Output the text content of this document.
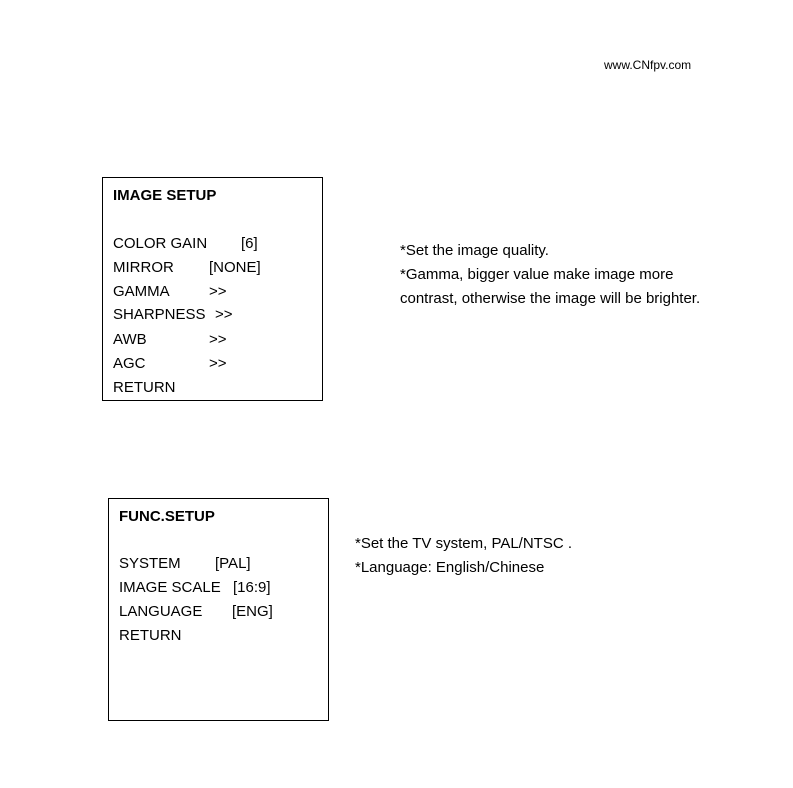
www.CNfpv.com
IMAGE SETUP
COLOR GAIN [6]
MIRROR [NONE]
GAMMA	>>
SHARPNESS >>
AWB	>>
AGC	>>
RETURN
*Set the image quality.
*Gamma, bigger value make image more
contrast, otherwise the image will be brighter.
FUNC.SETUP
SYSTEM [PAL]
IMAGE SCALE [16:9]
LANGUAGE [ENG]
RETURN
*Set the TV system, PAL/NTSC .
*Language: English/Chinese
